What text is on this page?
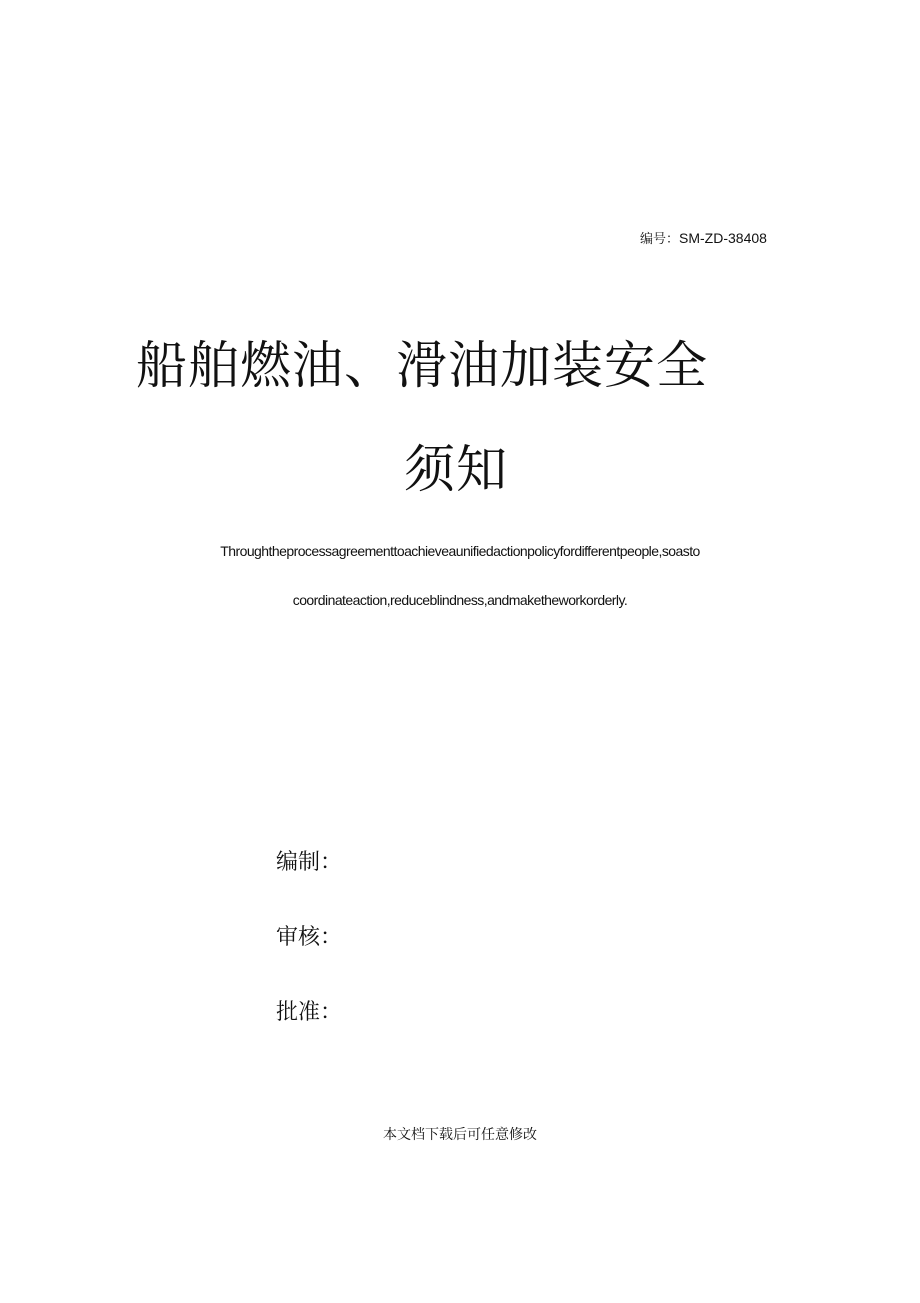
编号：SM-ZD-38408
船舶燃油、滑油加装安全
须知
Throughtheprocessagreementtoachieveaunifiedactionpolicyfordifferentpeople,soasto
coordinateaction,reduceblindness,andmaketheworkorderly.
编制：
审核：
批准：
本文档下载后可任意修改
